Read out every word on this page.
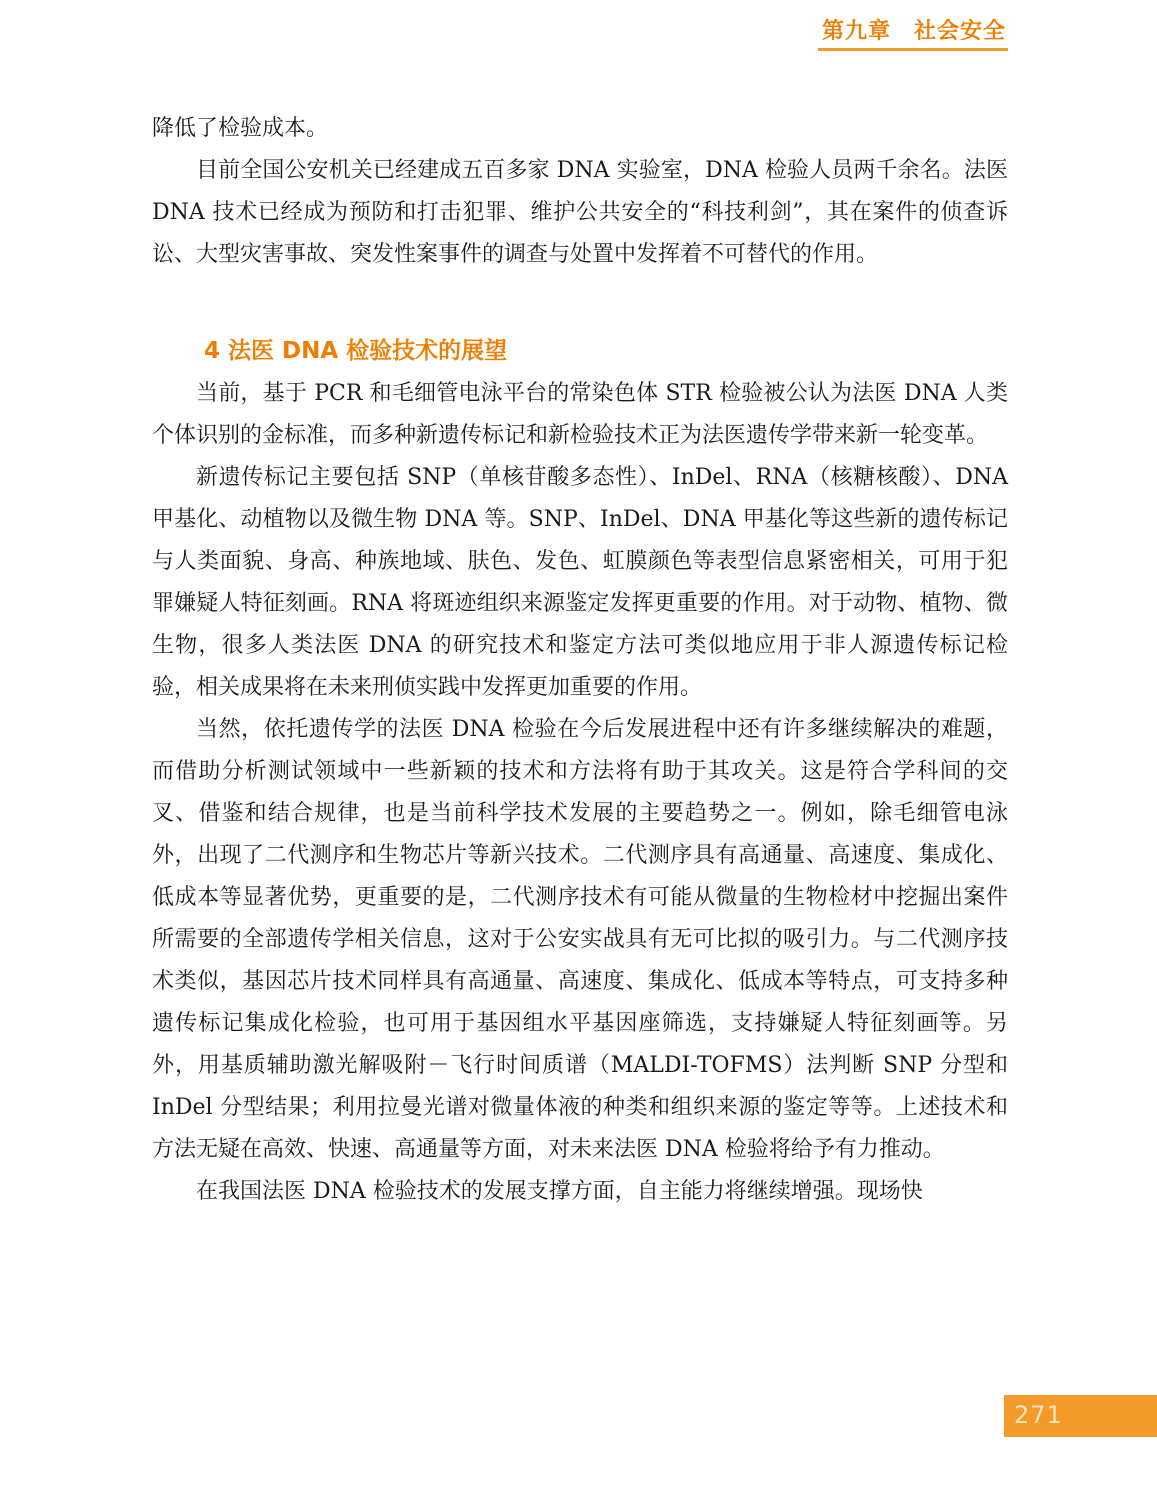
第九章　社会安全

降低了检验成本。

目前全国公安机关已经建成五百多家 DNA 实验室，DNA 检验人员两千余名。法医 DNA 技术已经成为预防和打击犯罪、维护公共安全的“科技利剑”，其在案件的侦查诉讼、大型灾害事故、突发性案事件的调查与处置中发挥着不可替代的作用。

4 法医 DNA 检验技术的展望

当前，基于 PCR 和毛细管电泳平台的常染色体 STR 检验被公认为法医 DNA 人类个体识别的金标准，而多种新遗传标记和新检验技术正为法医遗传学带来新一轮变革。

新遗传标记主要包括 SNP（单核苷酸多态性）、InDel、RNA（核糖核酸）、DNA 甲基化、动植物以及微生物 DNA 等。SNP、InDel、DNA 甲基化等这些新的遗传标记与人类面貌、身高、种族地域、肤色、发色、虹膜颜色等表型信息紧密相关，可用于犯罪嫌疑人特征刻画。RNA 将斑迹组织来源鉴定发挥更重要的作用。对于动物、植物、微生物，很多人类法医 DNA 的研究技术和鉴定方法可类似地应用于非人源遗传标记检验，相关成果将在未来刑侦实践中发挥更加重要的作用。

当然，依托遗传学的法医 DNA 检验在今后发展进程中还有许多继续解决的难题，而借助分析测试领域中一些新颖的技术和方法将有助于其攻关。这是符合学科间的交叉、借鉴和结合规律，也是当前科学技术发展的主要趋势之一。例如，除毛细管电泳外，出现了二代测序和生物芯片等新兴技术。二代测序具有高通量、高速度、集成化、低成本等显著优势，更重要的是，二代测序技术有可能从微量的生物检材中挖掘出案件所需要的全部遗传学相关信息，这对于公安实战具有无可比拟的吸引力。与二代测序技术类似，基因芯片技术同样具有高通量、高速度、集成化、低成本等特点，可支持多种遗传标记集成化检验，也可用于基因组水平基因座筛选，支持嫌疑人特征刻画等。另外，用基质辅助激光解吸附－飞行时间质谱（MALDI-TOFMS）法判断 SNP 分型和 InDel 分型结果；利用拉曼光谱对微量体液的种类和组织来源的鉴定等等。上述技术和方法无疑在高效、快速、高通量等方面，对未来法医 DNA 检验将给予有力推动。

在我国法医 DNA 检验技术的发展支撑方面，自主能力将继续增强。现场快

271
